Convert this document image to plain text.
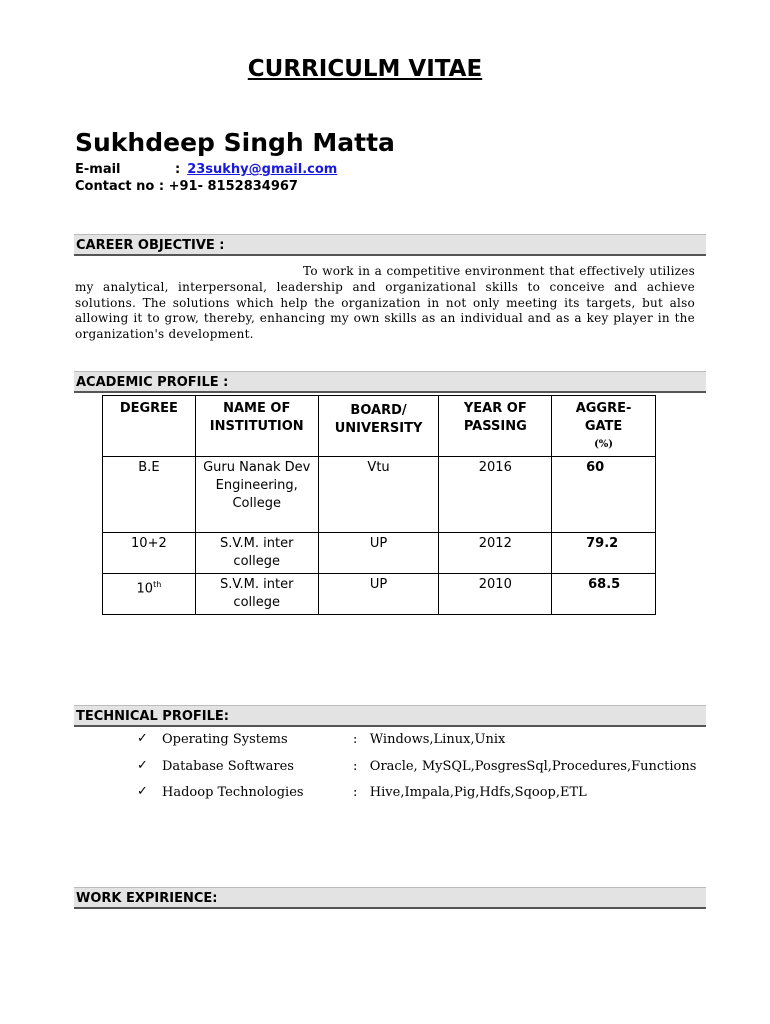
CURRICULM VITAE
Sukhdeep Singh Matta
E-mail	: 23sukhy@gmail.com
Contact no : +91- 8152834967
CAREER OBJECTIVE :
To work in a competitive environment that effectively utilizes my analytical, interpersonal, leadership and organizational skills to conceive and achieve solutions. The solutions which help the organization in not only meeting its targets, but also allowing it to grow, thereby, enhancing my own skills as an individual and as a key player in the organization's development.
ACADEMIC PROFILE :
DEGREE	NAME OF INSTITUTION	BOARD/ UNIVERSITY	YEAR OF PASSING	AGGRE-GATE
(%)

B.E	Guru Nanak Dev Engineering, College	Vtu	2016	60
10+2	S.V.M. inter college	UP	2012	79.2
10th	S.V.M. inter college	UP	2010	68.5
TECHNICAL PROFILE:
✓ Operating Systems	: Windows,Linux,Unix
✓ Database Softwares	: Oracle, MySQL,PosgresSql,Procedures,Functions
✓ Hadoop Technologies	: Hive,Impala,Pig,Hdfs,Sqoop,ETL
WORK EXPIRIENCE:
